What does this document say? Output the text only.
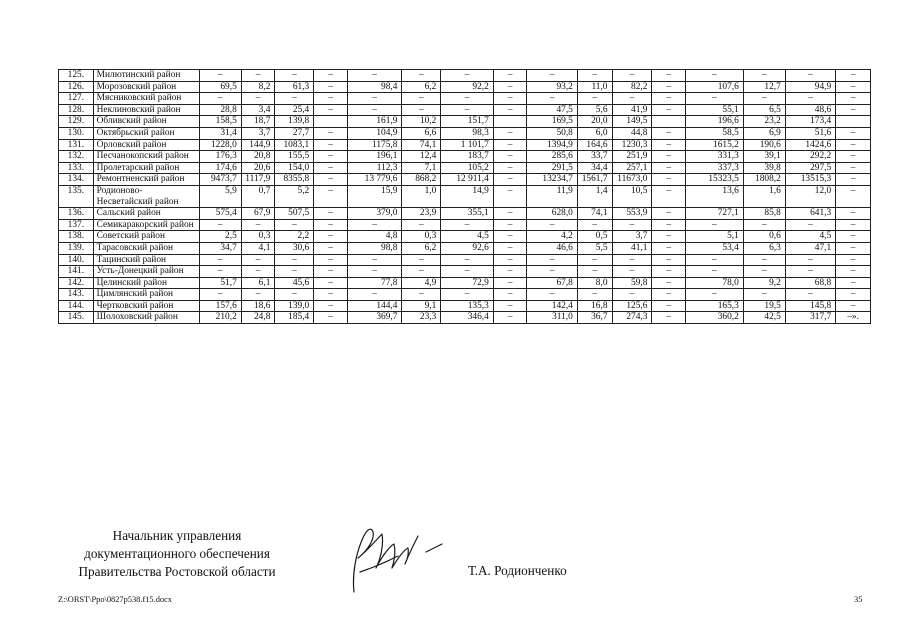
125.	Милютинский район	–	–	–	–	–	–	–	–	–	–	–	–	–	–	–	–
126.	Морозовский район	69,5	8,2	61,3	–	98,4	6,2	92,2	–	93,2	11,0	82,2	–	107,6	12,7	94,9	–
127.	Мясниковский район	–	–	–	–	–	–	–	–	–	–	–	–	–	–	–	–
128.	Неклиновский район	28,8	3,4	25,4	–	–	–	–	–	47,5	5,6	41,9	–	55,1	6,5	48,6	–
129.	Обливский район	158,5	18,7	139,8		161,9	10,2	151,7		169,5	20,0	149,5		196,6	23,2	173,4	
130.	Октябрьский район	31,4	3,7	27,7	–	104,9	6,6	98,3	–	50,8	6,0	44,8	–	58,5	6,9	51,6	–
131.	Орловский район	1228,0	144,9	1083,1	–	1175,8	74,1	1 101,7	–	1394,9	164,6	1230,3	–	1615,2	190,6	1424,6	–
132.	Песчанокопский район	176,3	20,8	155,5	–	196,1	12,4	183,7	–	285,6	33,7	251,9	–	331,3	39,1	292,2	–
133.	Пролетарский район	174,6	20,6	154,0	–	112,3	7,1	105,2	–	291,5	34,4	257,1	–	337,3	39,8	297,5	–
134.	Ремонтненский район	9473,7	1117,9	8355,8	–	13 779,6	868,2	12 911,4	–	13234,7	1561,7	11673,0	–	15323,5	1808,2	13515,3	–
135.	Родионово-Несветайский район	5,9	0,7	5,2	–	15,9	1,0	14,9	–	11,9	1,4	10,5	–	13,6	1,6	12,0	–
136.	Сальский район	575,4	67,9	507,5	–	379,0	23,9	355,1	–	628,0	74,1	553,9	–	727,1	85,8	641,3	–
137.	Семикаракорский район	–	–	–	–	–	–	–	–	–	–	–	–	–	–	–	–
138.	Советский район	2,5	0,3	2,2	–	4,8	0,3	4,5	–	4,2	0,5	3,7	–	5,1	0,6	4,5	–
139.	Тарасовский район	34,7	4,1	30,6	–	98,8	6,2	92,6	–	46,6	5,5	41,1	–	53,4	6,3	47,1	–
140.	Тацинский район	–	–	–	–	–	–	–	–	–	–	–	–	–	–	–	–
141.	Усть-Донецкий район	–	–	–	–	–	–	–	–	–	–	–	–	–	–	–	–
142.	Целинский район	51,7	6,1	45,6	–	77,8	4,9	72,9	–	67,8	8,0	59,8	–	78,0	9,2	68,8	–
143.	Цимлянский район	–	–	–	–	–	–	–	–	–	–	–	–	–	–	–	–
144.	Чертковский район	157,6	18,6	139,0	–	144,4	9,1	135,3	–	142,4	16,8	125,6	–	165,3	19,5	145,8	–
145.	Шолоховский район	210,2	24,8	185,4	–	369,7	23,3	346,4	–	311,0	36,7	274,3	–	360,2	42,5	317,7	–».
Начальник управления
документационного обеспечения
Правительства Ростовской области	Т.А. Родионченко
Z:\ORST\Ppo\0827p538.f15.docx	35
